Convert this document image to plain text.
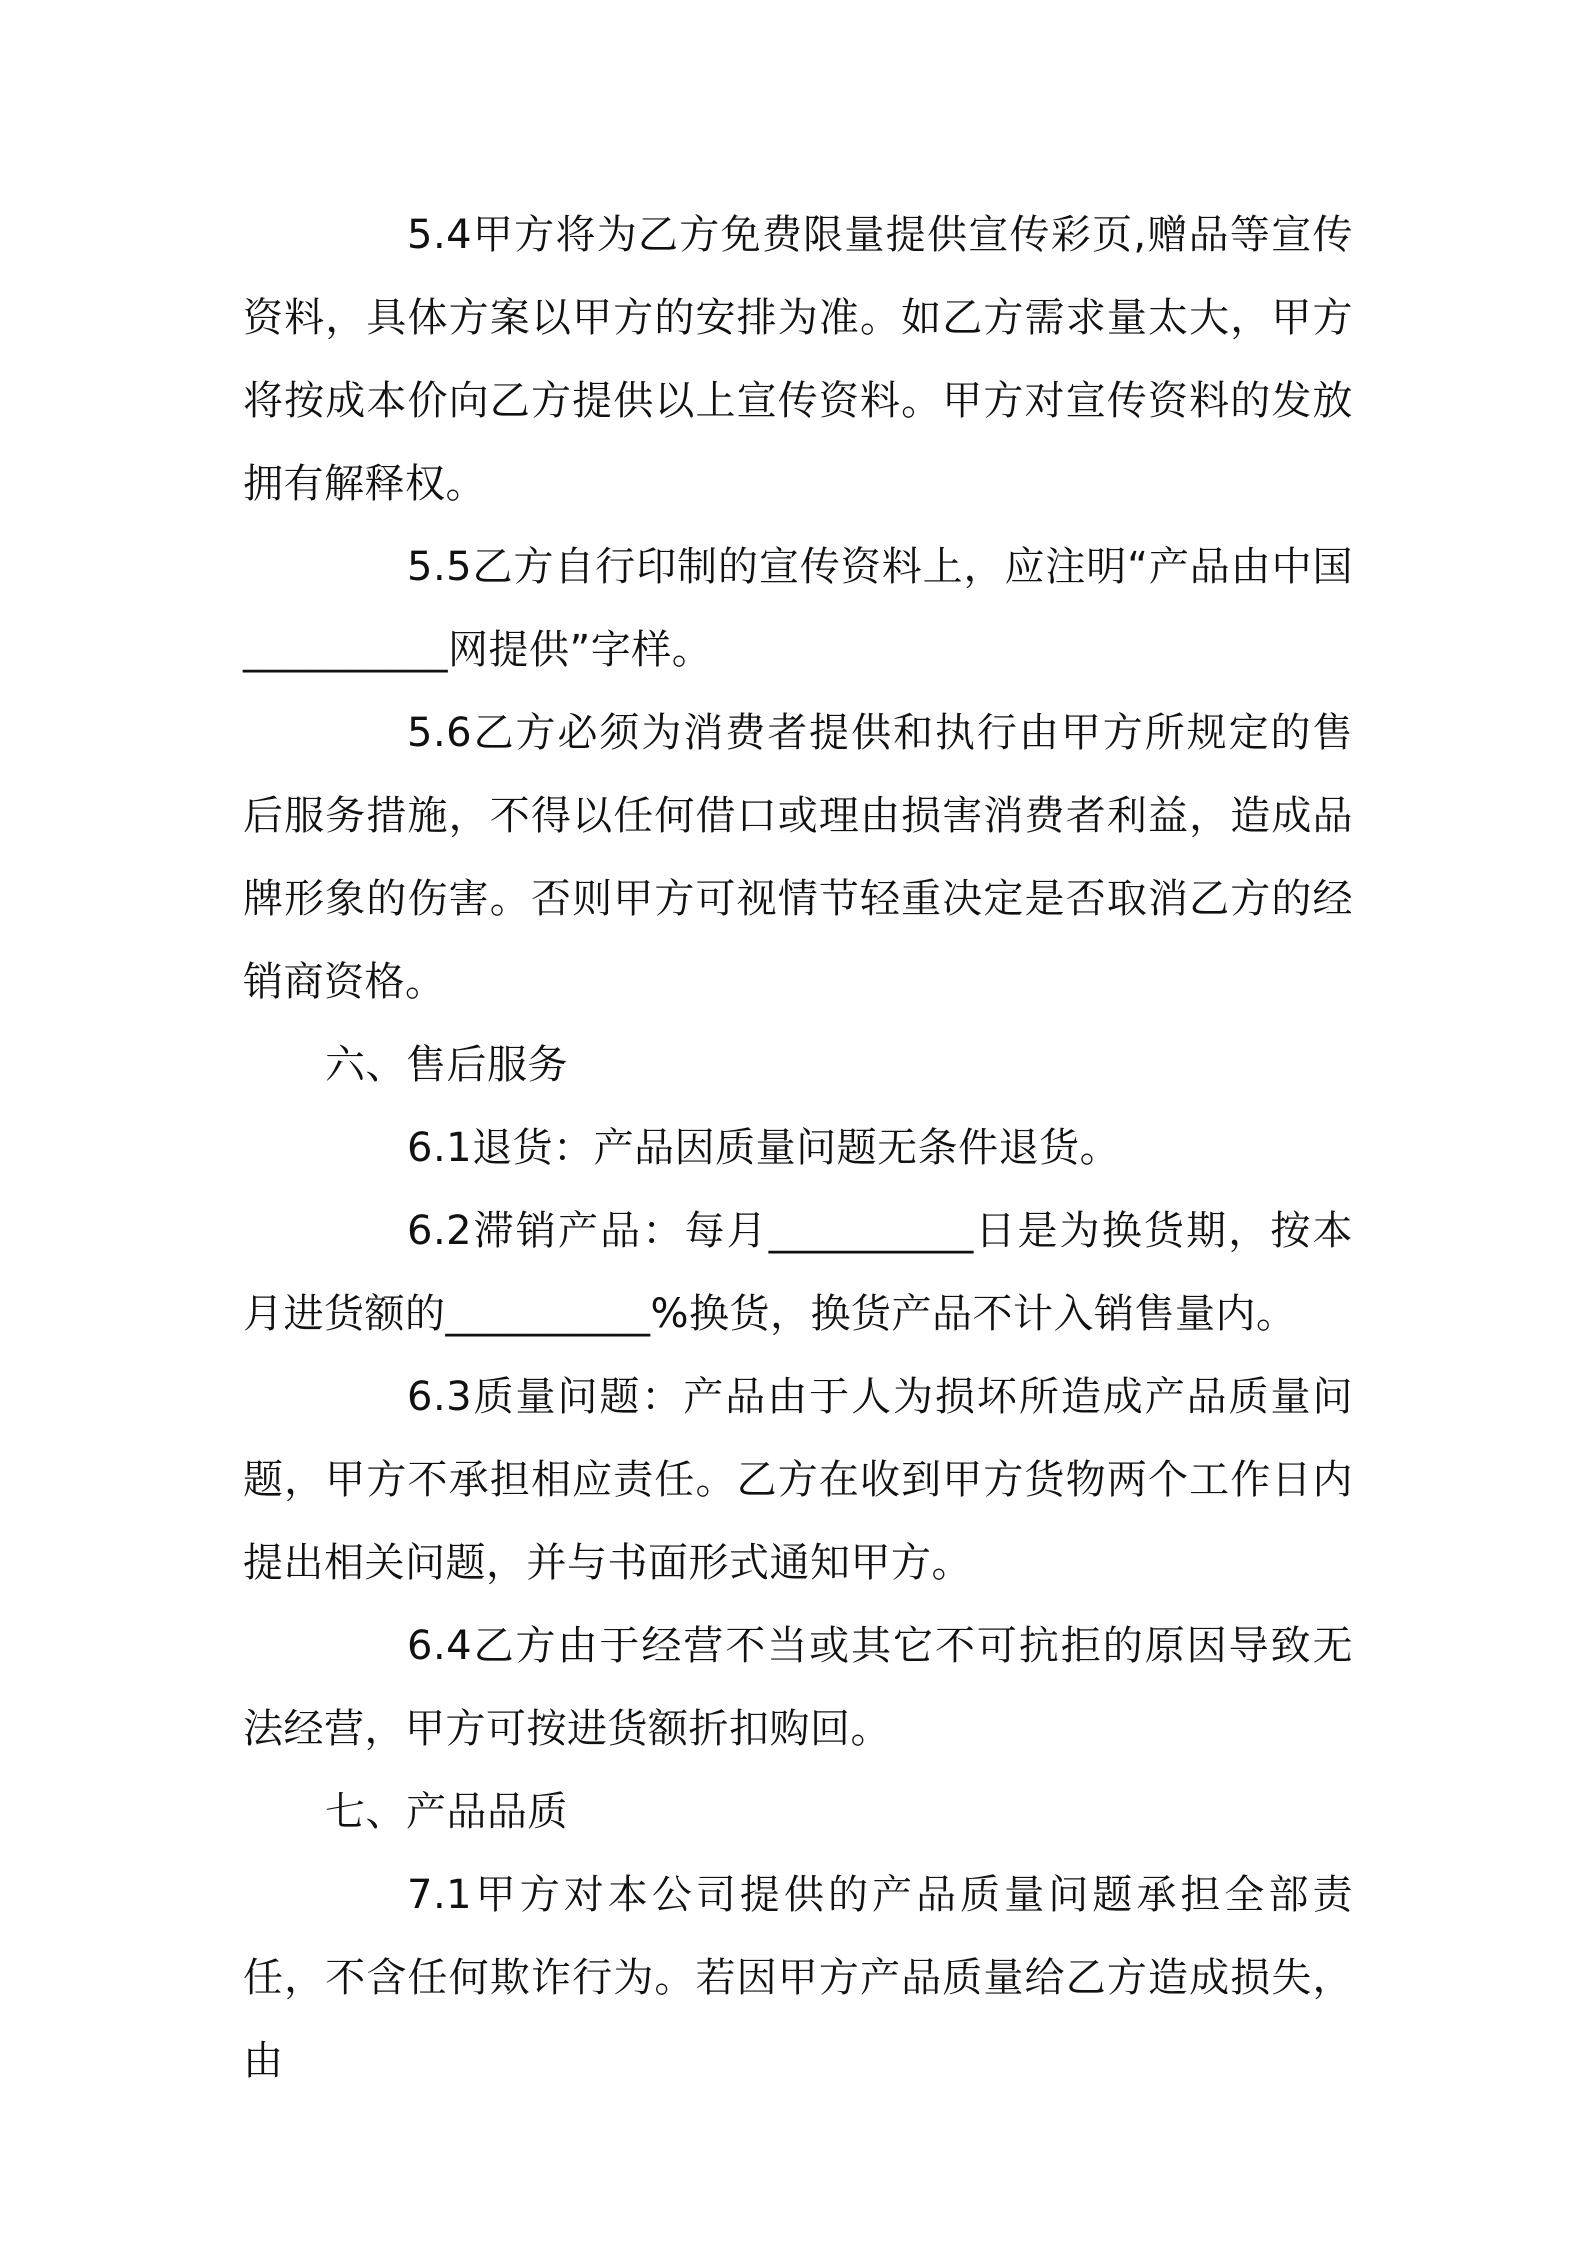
5.4甲方将为乙方免费限量提供宣传彩页,赠品等宣传资料，具体方案以甲方的安排为准。如乙方需求量太大，甲方将按成本价向乙方提供以上宣传资料。甲方对宣传资料的发放拥有解释权。

5.5乙方自行印制的宣传资料上，应注明“产品由中国__________网提供”字样。

5.6乙方必须为消费者提供和执行由甲方所规定的售后服务措施，不得以任何借口或理由损害消费者利益，造成品牌形象的伤害。否则甲方可视情节轻重决定是否取消乙方的经销商资格。

六、售后服务

6.1退货：产品因质量问题无条件退货。

6.2滞销产品：每月__________日是为换货期，按本月进货额的__________%换货，换货产品不计入销售量内。

6.3质量问题：产品由于人为损坏所造成产品质量问题，甲方不承担相应责任。乙方在收到甲方货物两个工作日内提出相关问题，并与书面形式通知甲方。

6.4乙方由于经营不当或其它不可抗拒的原因导致无法经营，甲方可按进货额折扣购回。

七、产品品质

7.1甲方对本公司提供的产品质量问题承担全部责任，不含任何欺诈行为。若因甲方产品质量给乙方造成损失，由
